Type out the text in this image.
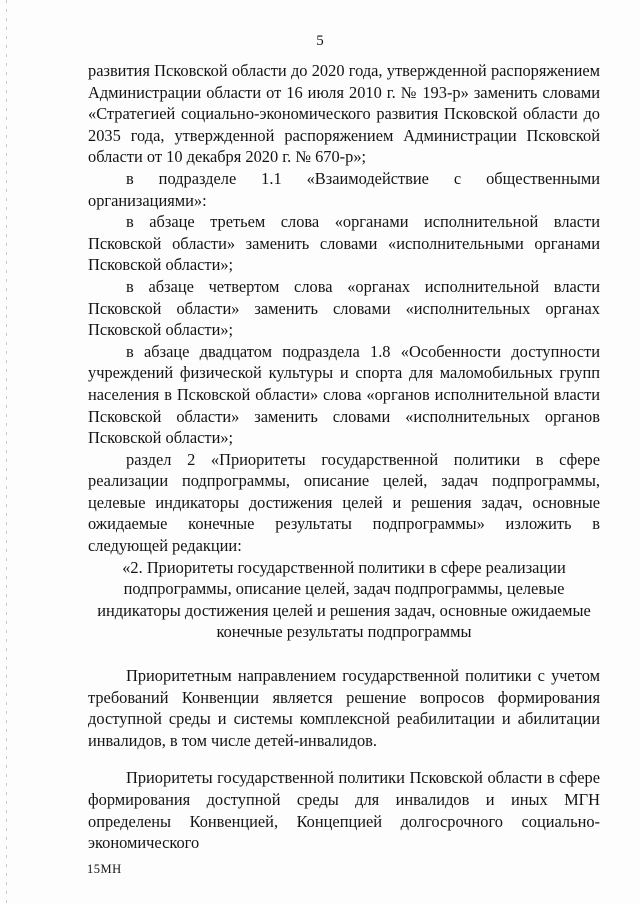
5

развития Псковской области до 2020 года, утвержденной распоряжением Администрации области от 16 июля 2010 г. № 193-р» заменить словами «Стратегией социально-экономического развития Псковской области до 2035 года, утвержденной распоряжением Администрации Псковской области от 10 декабря 2020 г. № 670-р»;

в подразделе 1.1 «Взаимодействие с общественными организациями»:

в абзаце третьем слова «органами исполнительной власти Псковской области» заменить словами «исполнительными органами Псковской области»;

в абзаце четвертом слова «органах исполнительной власти Псковской области» заменить словами «исполнительных органах Псковской области»;

в абзаце двадцатом подраздела 1.8 «Особенности доступности учреждений физической культуры и спорта для маломобильных групп населения в Псковской области» слова «органов исполнительной власти Псковской области» заменить словами «исполнительных органов Псковской области»;

раздел 2 «Приоритеты государственной политики в сфере реализации подпрограммы, описание целей, задач подпрограммы, целевые индикаторы достижения целей и решения задач, основные ожидаемые конечные результаты подпрограммы» изложить в следующей редакции:

«2. Приоритеты государственной политики в сфере реализации
подпрограммы, описание целей, задач подпрограммы, целевые
индикаторы достижения целей и решения задач, основные ожидаемые
конечные результаты подпрограммы

Приоритетным направлением государственной политики с учетом требований Конвенции является решение вопросов формирования доступной среды и системы комплексной реабилитации и абилитации инвалидов, в том числе детей-инвалидов.

Приоритеты государственной политики Псковской области в сфере формирования доступной среды для инвалидов и иных МГН определены Конвенцией, Концепцией долгосрочного социально-экономического

15МН
